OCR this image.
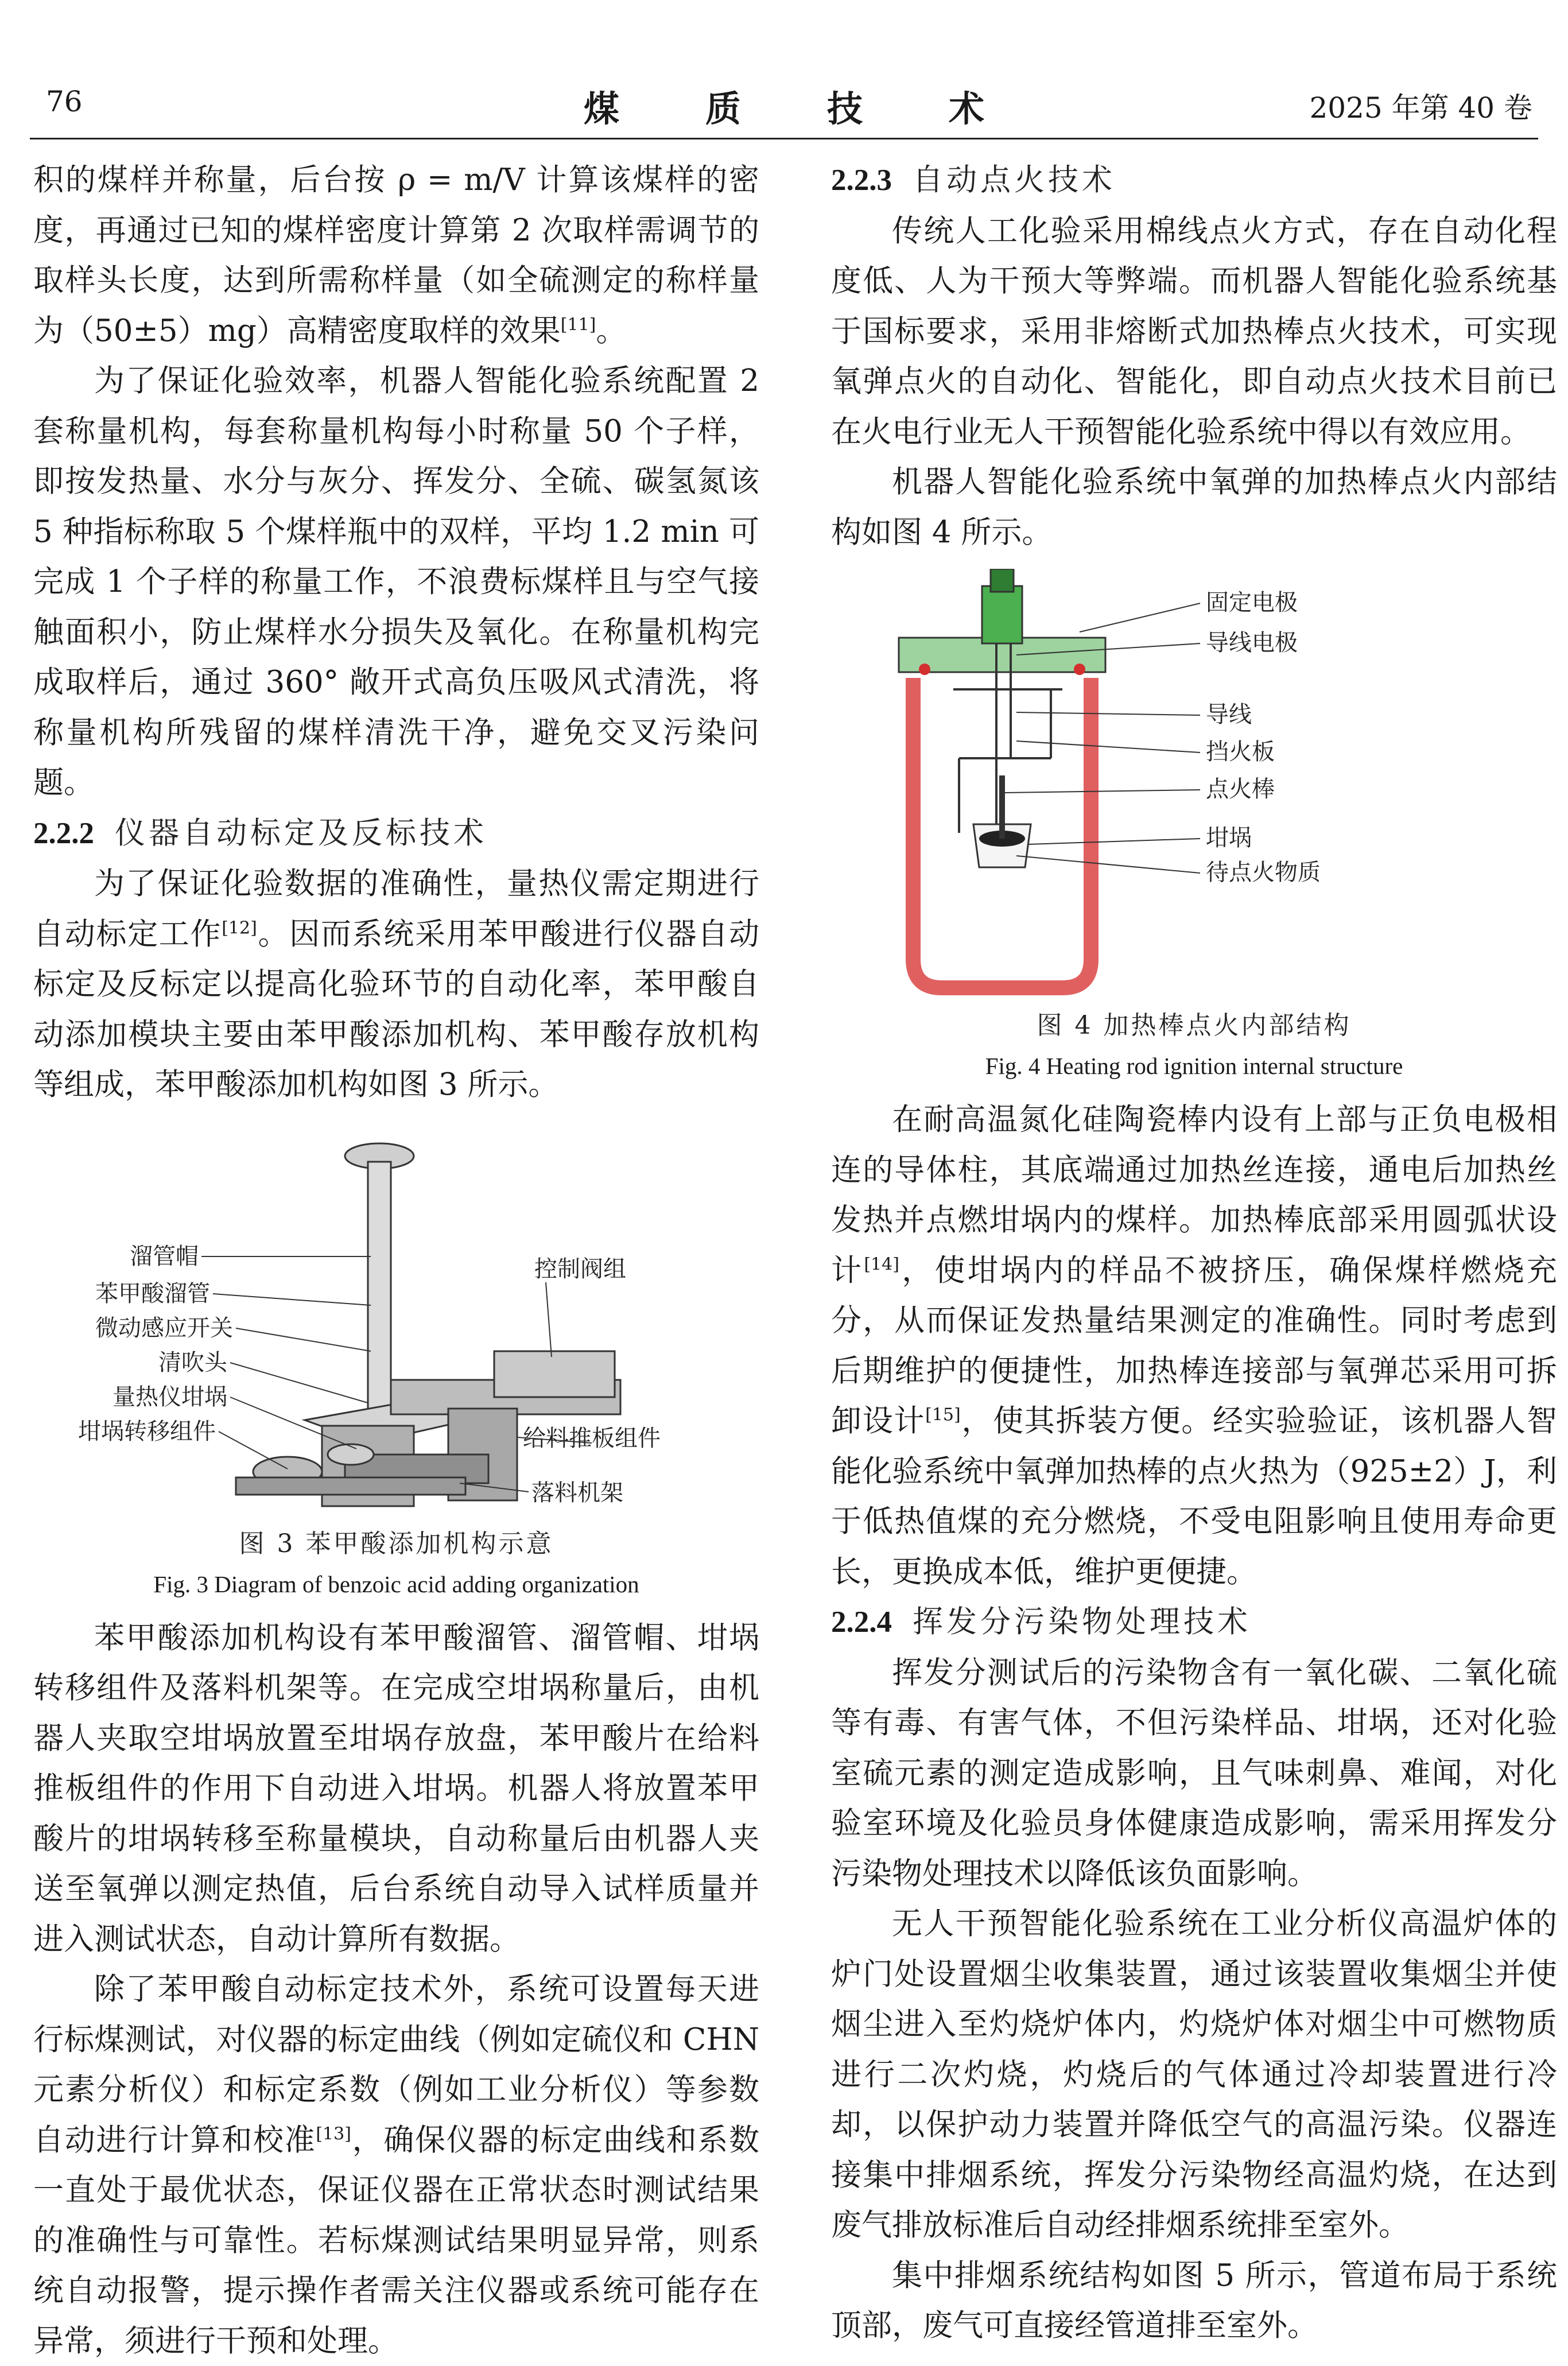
76	煤质技术	2025 年第 40 卷

积的煤样并称量，后台按 ρ = m/V 计算该煤样的密度，再通过已知的煤样密度计算第 2 次取样需调节的取样头长度，达到所需称样量（如全硫测定的称样量为（50±5）mg）高精密度取样的效果[11]。

为了保证化验效率，机器人智能化验系统配置 2 套称量机构，每套称量机构每小时称量 50 个子样，即按发热量、水分与灰分、挥发分、全硫、碳氢氮该 5 种指标称取 5 个煤样瓶中的双样，平均 1.2 min 可完成 1 个子样的称量工作，不浪费标煤样且与空气接触面积小，防止煤样水分损失及氧化。在称量机构完成取样后，通过 360° 敞开式高负压吸风式清洗，将称量机构所残留的煤样清洗干净，避免交叉污染问题。

2.2.2 仪器自动标定及反标技术

为了保证化验数据的准确性，量热仪需定期进行自动标定工作[12]。因而系统采用苯甲酸进行仪器自动标定及反标定以提高化验环节的自动化率，苯甲酸自动添加模块主要由苯甲酸添加机构、苯甲酸存放机构等组成，苯甲酸添加机构如图 3 所示。

溜管帽
苯甲酸溜管
微动感应开关
清吹头
量热仪坩埚
坩埚转移组件
控制阀组
给料推板组件
落料机架
图 3 苯甲酸添加机构示意
Fig. 3 Diagram of benzoic acid adding organization

苯甲酸添加机构设有苯甲酸溜管、溜管帽、坩埚转移组件及落料机架等。在完成空坩埚称量后，由机器人夹取空坩埚放置至坩埚存放盘，苯甲酸片在给料推板组件的作用下自动进入坩埚。机器人将放置苯甲酸片的坩埚转移至称量模块，自动称量后由机器人夹送至氧弹以测定热值，后台系统自动导入试样质量并进入测试状态，自动计算所有数据。

除了苯甲酸自动标定技术外，系统可设置每天进行标煤测试，对仪器的标定曲线（例如定硫仪和 CHN 元素分析仪）和标定系数（例如工业分析仪）等参数自动进行计算和校准[13]，确保仪器的标定曲线和系数一直处于最优状态，保证仪器在正常状态时测试结果的准确性与可靠性。若标煤测试结果明显异常，则系统自动报警，提示操作者需关注仪器或系统可能存在异常，须进行干预和处理。

2.2.3 自动点火技术

传统人工化验采用棉线点火方式，存在自动化程度低、人为干预大等弊端。而机器人智能化验系统基于国标要求，采用非熔断式加热棒点火技术，可实现氧弹点火的自动化、智能化，即自动点火技术目前已在火电行业无人干预智能化验系统中得以有效应用。

机器人智能化验系统中氧弹的加热棒点火内部结构如图 4 所示。

固定电极
导线电极
导线
挡火板
点火棒
坩埚
待点火物质
图 4 加热棒点火内部结构
Fig. 4 Heating rod ignition internal structure

在耐高温氮化硅陶瓷棒内设有上部与正负电极相连的导体柱，其底端通过加热丝连接，通电后加热丝发热并点燃坩埚内的煤样。加热棒底部采用圆弧状设计[14]，使坩埚内的样品不被挤压，确保煤样燃烧充分，从而保证发热量结果测定的准确性。同时考虑到后期维护的便捷性，加热棒连接部与氧弹芯采用可拆卸设计[15]，使其拆装方便。经实验验证，该机器人智能化验系统中氧弹加热棒的点火热为（925±2）J，利于低热值煤的充分燃烧，不受电阻影响且使用寿命更长，更换成本低，维护更便捷。

2.2.4 挥发分污染物处理技术

挥发分测试后的污染物含有一氧化碳、二氧化硫等有毒、有害气体，不但污染样品、坩埚，还对化验室硫元素的测定造成影响，且气味刺鼻、难闻，对化验室环境及化验员身体健康造成影响，需采用挥发分污染物处理技术以降低该负面影响。

无人干预智能化验系统在工业分析仪高温炉体的炉门处设置烟尘收集装置，通过该装置收集烟尘并使烟尘进入至灼烧炉体内，灼烧炉体对烟尘中可燃物质进行二次灼烧，灼烧后的气体通过冷却装置进行冷却，以保护动力装置并降低空气的高温污染。仪器连接集中排烟系统，挥发分污染物经高温灼烧，在达到废气排放标准后自动经排烟系统排至室外。

集中排烟系统结构如图 5 所示，管道布局于系统顶部，废气可直接经管道排至室外。
